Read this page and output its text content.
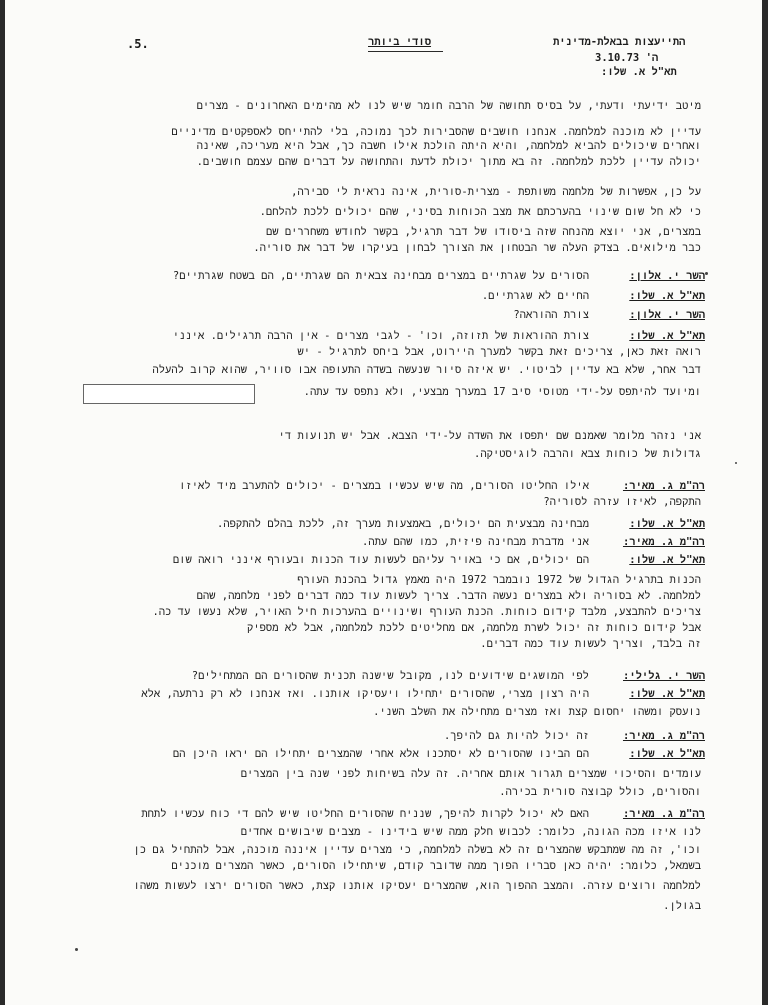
.5.	סודי ביותר	התייעצות בבאלת-מדינית
ה' 3.10.73
תא"ל א. שלו:
מיטב ידיעתי ודעתי, על בסיס תחושה של הרבה חומר שיש לנו לא מהימים האחרונים - מצרים
עדיין לא מוכנה למלחמה. אנחנו חושבים שהסבירות לכך נמוכה, בלי להתייחס לאספקטים מדיניים
ואחרים שיכולים להביא למלחמה, והיא היתה הולכת אילו חשבה כך, אבל היא מעריכה, שאינה
יכולה עדיין ללכת למלחמה. זה בא מתוך יכולת לדעת והתחושה על דברים שהם עצמם חושבים.
על כן, אפשרות של מלחמה משותפת - מצרית-סורית, אינה נראית לי סבירה,
כי לא חל שום שינוי בהערכתם את מצב הכוחות בסיני, שהם יכולים ללכת להלחם.
במצרים, אני יוצא מהנחה שזה ביסודו של דבר תרגיל, בקשר לחודש משחררים שם
כבר מילואים. בצדק העלה שר הבטחון את הצורך לבחון בעיקרו של דבר את סוריה.
הסורים על שגרתיים במצרים מבחינה צבאית הם שגרתיים, הם בשטח שגרתיים?	השר י. אלון:
החיים לא שגרתיים.	תא"ל א. שלו:
צורת ההוראה?	השר י. אלון:
צורת ההוראות של תזוזה, וכו' - לגבי מצרים - אין הרבה תרגילים. אינני	תא"ל א. שלו:
רואה זאת כאן, צריכים זאת בקשר למערך היירוט, אבל ביחס לתרגיל - יש
דבר אחר, שלא בא עדיין לביטוי. יש איזה סיור שנעשה בשדה התעופה אבו סוויר, שהוא קרוב להעלה
ומיועד להיתפס על-ידי מטוסי סיב 17 במערך מבצעי, ולא נתפס עד עתה.
אני נזהר מלומר שאמנם שם יתפסו את השדה על-ידי הצבא. אבל יש תנועות די
גדולות של כוחות צבא והרבה לוגיסטיקה.
אילו החליטו הסורים, מה שיש עכשיו במצרים - יכולים להתערב מיד לאיזו	רה"מ ג. מאיר:
התקפה, לאיזו עזרה לסוריה?
מבחינה מבצעית הם יכולים, באמצעות מערך זה, ללכת בהלם להתקפה.	תא"ל א. שלו:
אני מדברת מבחינה פיזית, כמו שהם עתה.	רה"מ ג. מאיר:
הם יכולים, אם כי באויר עליהם לעשות עוד הכנות ובעורף אינני רואה שום	תא"ל א. שלו:
הכנות בתרגיל הגדול של 1972 נובמבר 1972 היה מאמץ גדול בהכנת העורף
למלחמה. לא בסוריה ולא במצרים נעשה הדבר. צריך לעשות עוד כמה דברים לפני מלחמה, שהם
צריכים להתבצע, מלבד קידום כוחות. הכנת העורף ושינויים בהערכות חיל האויר, שלא נעשו עד כה.
אבל קידום כוחות זה יכול לשרת מלחמה, אם מחליטים ללכת למלחמה, אבל לא מספיק
זה בלבד, וצריך לעשות עוד כמה דברים.
לפי המושגים שידועים לנו, מקובל שישנה תכנית שהסורים הם המתחילים?	השר י. גלילי:
היה רצון מצרי, שהסורים יתחילו ויעסיקו אותנו. ואז אנחנו לא רק נרתעה, אלא	תא"ל א. שלו:
נועסק ומשהו יחסום קצת ואז מצרים מתחילה את השלב השני.
זה יכול להיות גם להיפך.	רה"מ ג. מאיר:
הם הבינו שהסורים לא יסתכנו אלא אחרי שהמצרים יתחילו הם יראו היכן הם	תא"ל א. שלו:
עומדים והסיכוי שמצרים תגרור אותם אחריה. זה עלה בשיחות לפני שנה בין המצרים
והסורים, כולל קבוצה סורית בכירה.
האם לא יכול לקרות להיפך, שנניח שהסורים החליטו שיש להם די כוח עכשיו לתחת	רה"מ ג. מאיר:
לנו איזו מכה הגונה, כלומר: לכבוש חלק ממה שיש בידינו - מצבים שיבושים אחדים
וכו', זה מה שמתבקש שהמצרים זה לא בשלה למלחמה, כי מצרים עדיין איננה מוכנה, אבל להתחיל גם כן
בשמאל, כלומר: יהיה כאן סבריו הפוך ממה שדובר קודם, שיתחילו הסורים, כאשר המצרים מוכנים
למלחמה ורוצים עזרה. והמצב ההפוך הוא, שהמצרים יעסיקו אותנו קצת, כאשר הסורים ירצו לעשות משהו
בגולן.
